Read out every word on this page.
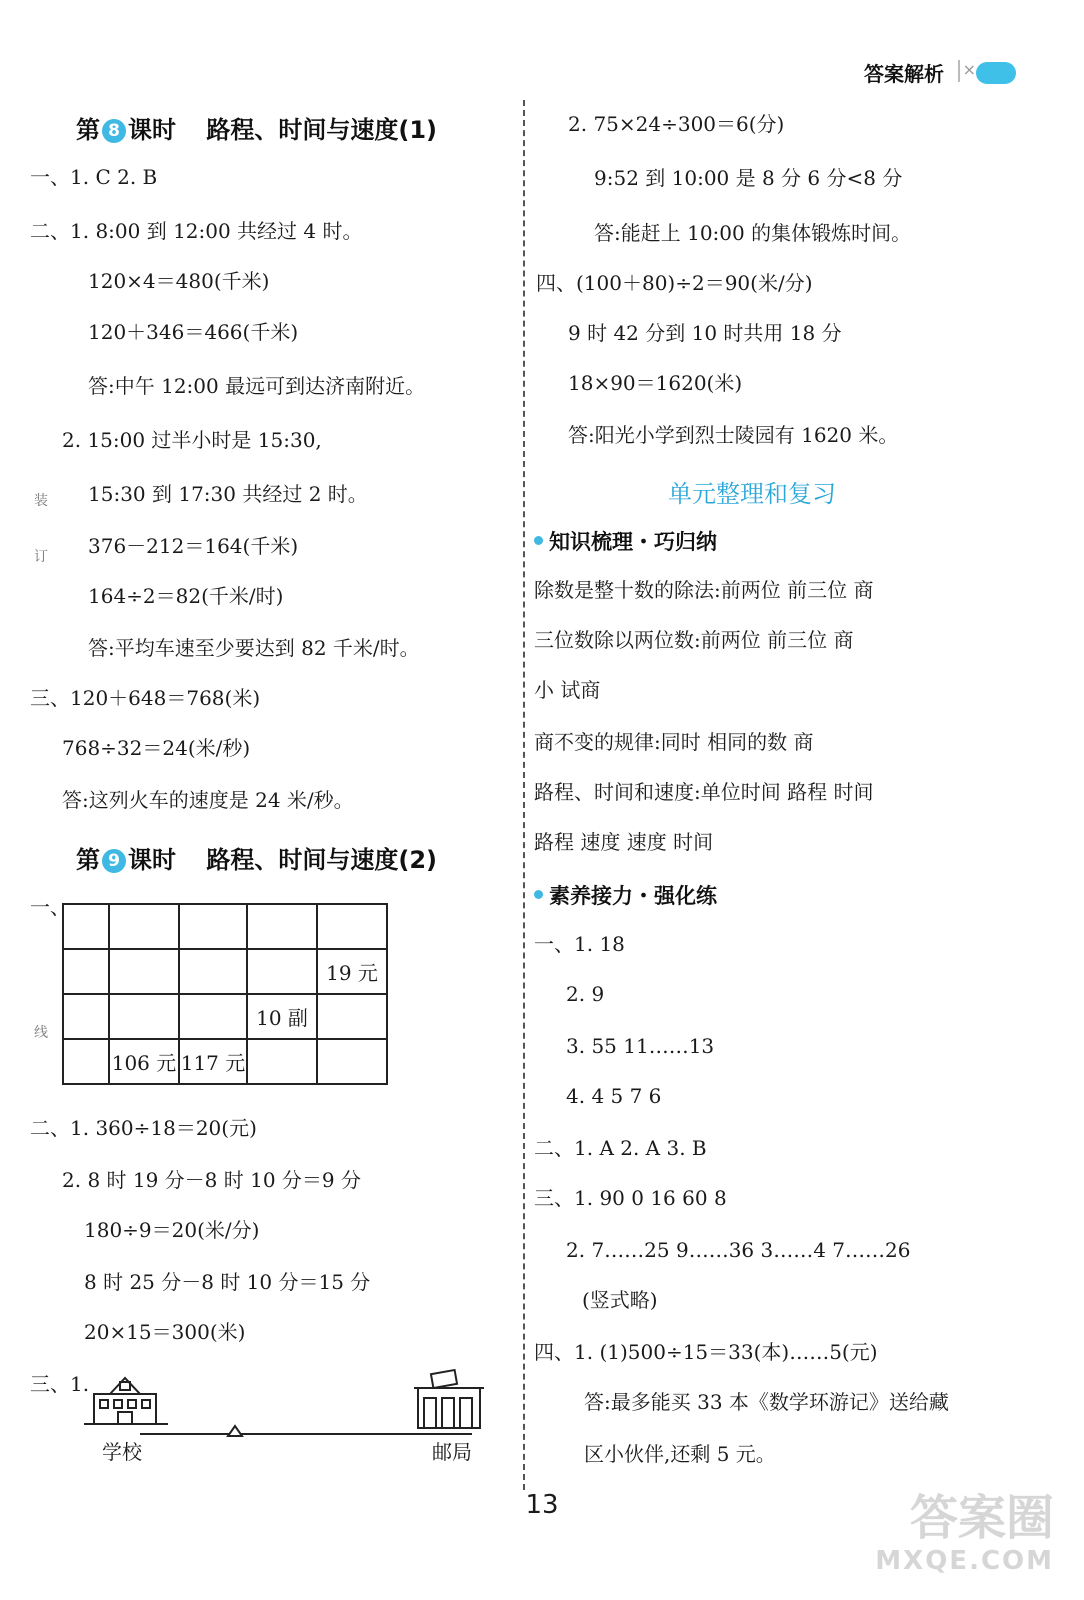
答案解析 ×
第 8 课时 路程、时间与速度(1)
一、1. C 2. B
二、1. 8:00 到 12:00 共经过 4 时。
120×4＝480(千米)
120＋346＝466(千米)
答:中午 12:00 最远可到达济南附近。
2. 15:00 过半小时是 15:30,
15:30 到 17:30 共经过 2 时。
376－212＝164(千米)
164÷2＝82(千米/时)
答:平均车速至少要达到 82 千米/时。
三、120＋648＝768(米)
768÷32＝24(米/秒)
答:这列火车的速度是 24 米/秒。
装
订
线
第 9 课时 路程、时间与速度(2)
一、

				19 元
			10 副	
	106 元	117 元		
二、1. 360÷18＝20(元)
2. 8 时 19 分－8 时 10 分＝9 分
180÷9＝20(米/分)
8 时 25 分－8 时 10 分＝15 分
20×15＝300(米)
三、1.
学校	邮局
2. 75×24÷300＝6(分)
9:52 到 10:00 是 8 分 6 分<8 分
答:能赶上 10:00 的集体锻炼时间。
四、(100＋80)÷2＝90(米/分)
9 时 42 分到 10 时共用 18 分
18×90＝1620(米)
答:阳光小学到烈士陵园有 1620 米。
单元整理和复习
知识梳理・巧归纳
除数是整十数的除法:前两位 前三位 商
三位数除以两位数:前两位 前三位 商
小 试商
商不变的规律:同时 相同的数 商
路程、时间和速度:单位时间 路程 时间
路程 速度 速度 时间
素养接力・强化练
一、1. 18
2. 9
3. 55 11……13
4. 4 5 7 6
二、1. A 2. A 3. B
三、1. 90 0 16 60 8
2. 7……25 9……36 3……4 7……26
(竖式略)
四、1. (1)500÷15＝33(本)……5(元)
答:最多能买 33 本《数学环游记》送给藏
区小伙伴,还剩 5 元。
13	答案圈
MXQE.COM
